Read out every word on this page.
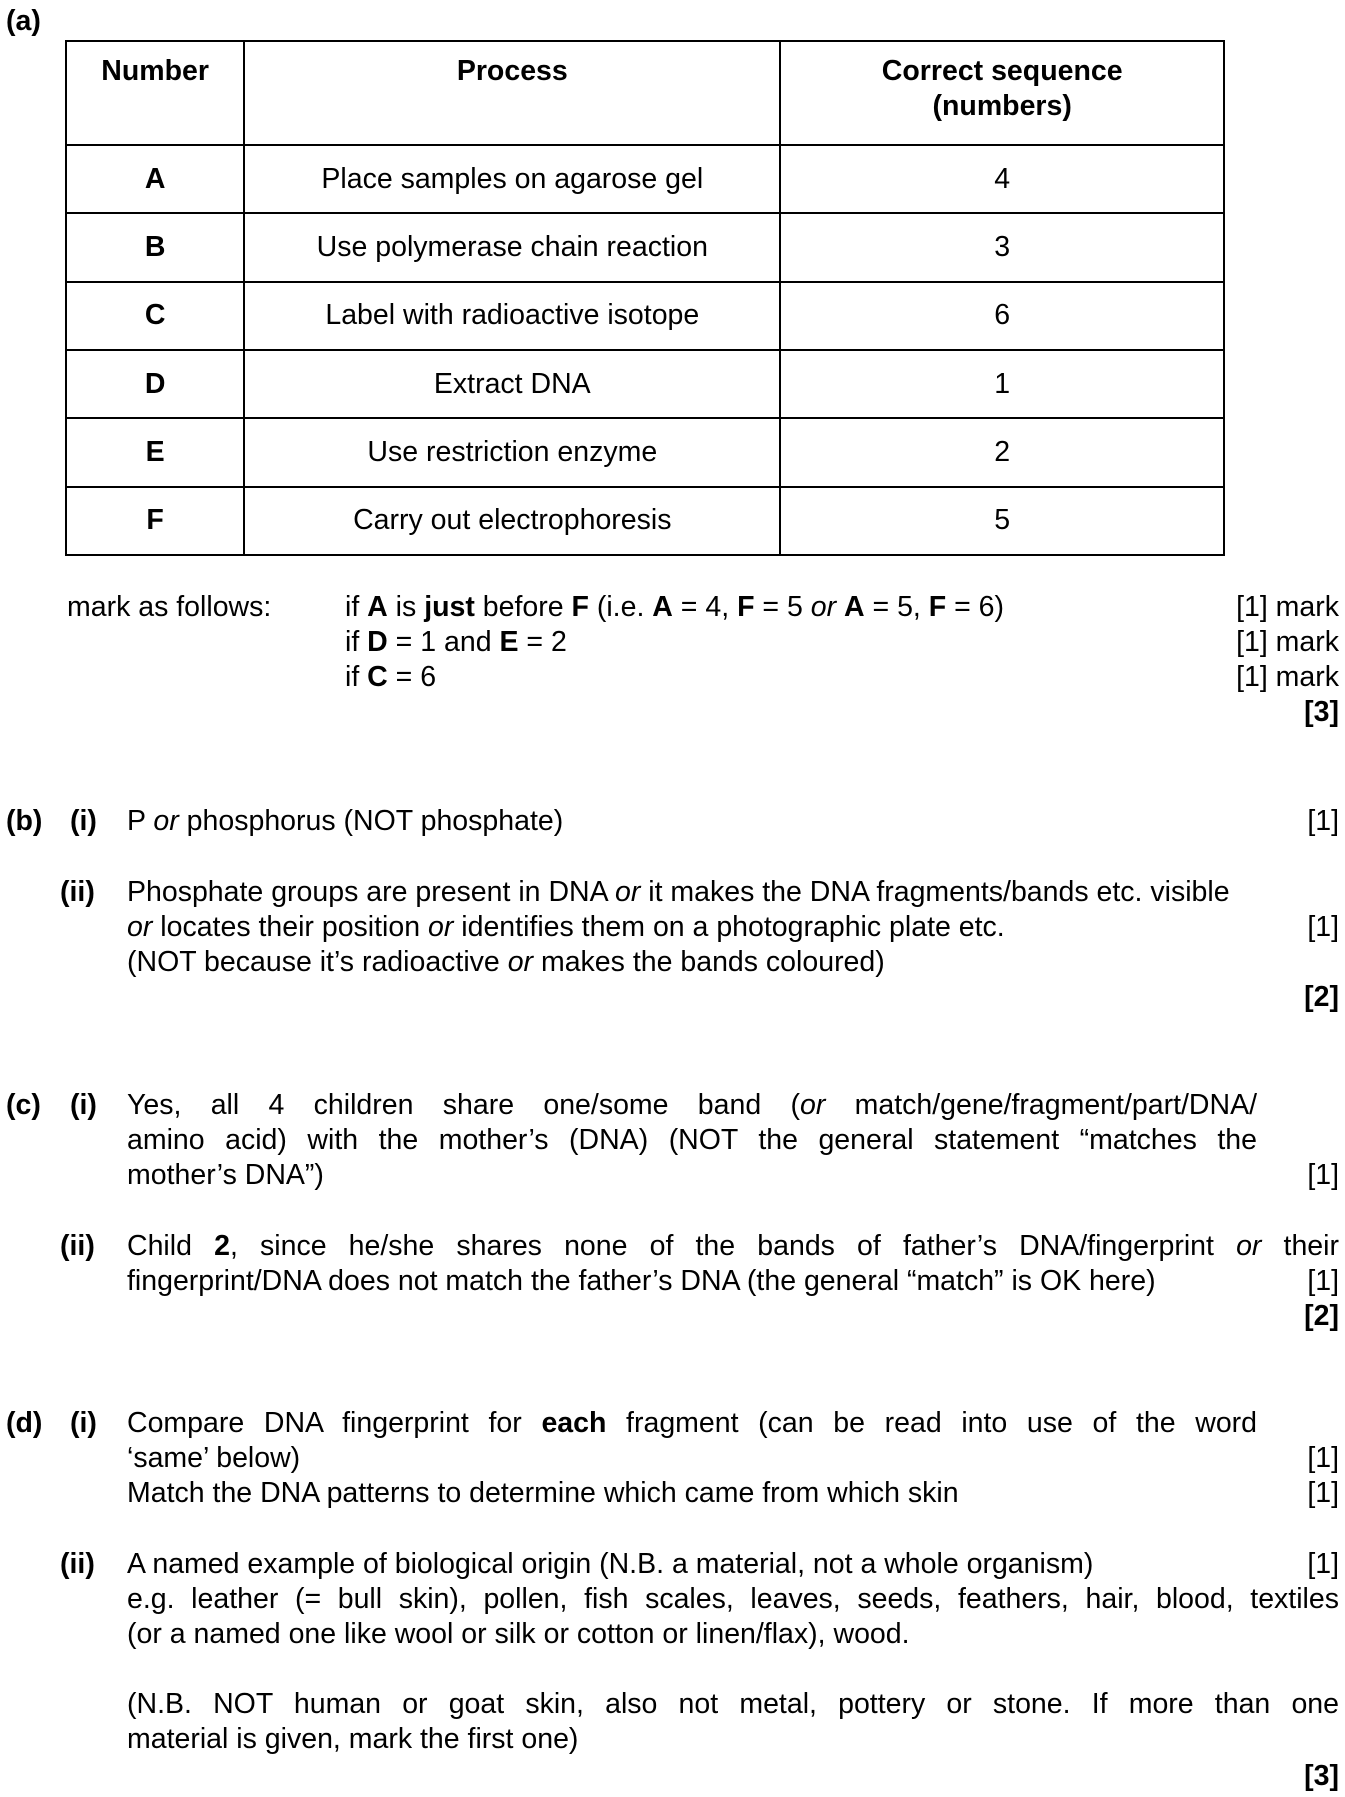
(a)
Number	Process	Correct sequence
(numbers)
A	Place samples on agarose gel	4
B	Use polymerase chain reaction	3
C	Label with radioactive isotope	6
D	Extract DNA	1
E	Use restriction enzyme	2
F	Carry out electrophoresis	5
mark as follows:	if A is just before F (i.e. A = 4, F = 5 or A = 5, F = 6)	[1] mark
if D = 1 and E = 2	[1] mark
if C = 6	[1] mark
[3]
(b) (i) P or phosphorus (NOT phosphate)	[1]
(ii) Phosphate groups are present in DNA or it makes the DNA fragments/bands etc. visible
or locates their position or identifies them on a photographic plate etc.	[1]
(NOT because it’s radioactive or makes the bands coloured)
[2]
(c) (i) Yes, all 4 children share one/some band (or match/gene/fragment/part/DNA/
amino acid) with the mother’s (DNA) (NOT the general statement “matches the
mother’s DNA”)	[1]
(ii) Child 2, since he/she shares none of the bands of father’s DNA/fingerprint or their
fingerprint/DNA does not match the father’s DNA (the general “match” is OK here)	[1]
[2]
(d) (i) Compare DNA fingerprint for each fragment (can be read into use of the word
‘same’ below)	[1]
Match the DNA patterns to determine which came from which skin	[1]
(ii) A named example of biological origin (N.B. a material, not a whole organism)	[1]
e.g. leather (= bull skin), pollen, fish scales, leaves, seeds, feathers, hair, blood, textiles
(or a named one like wool or silk or cotton or linen/flax), wood.
(N.B. NOT human or goat skin, also not metal, pottery or stone. If more than one
material is given, mark the first one)
[3]
